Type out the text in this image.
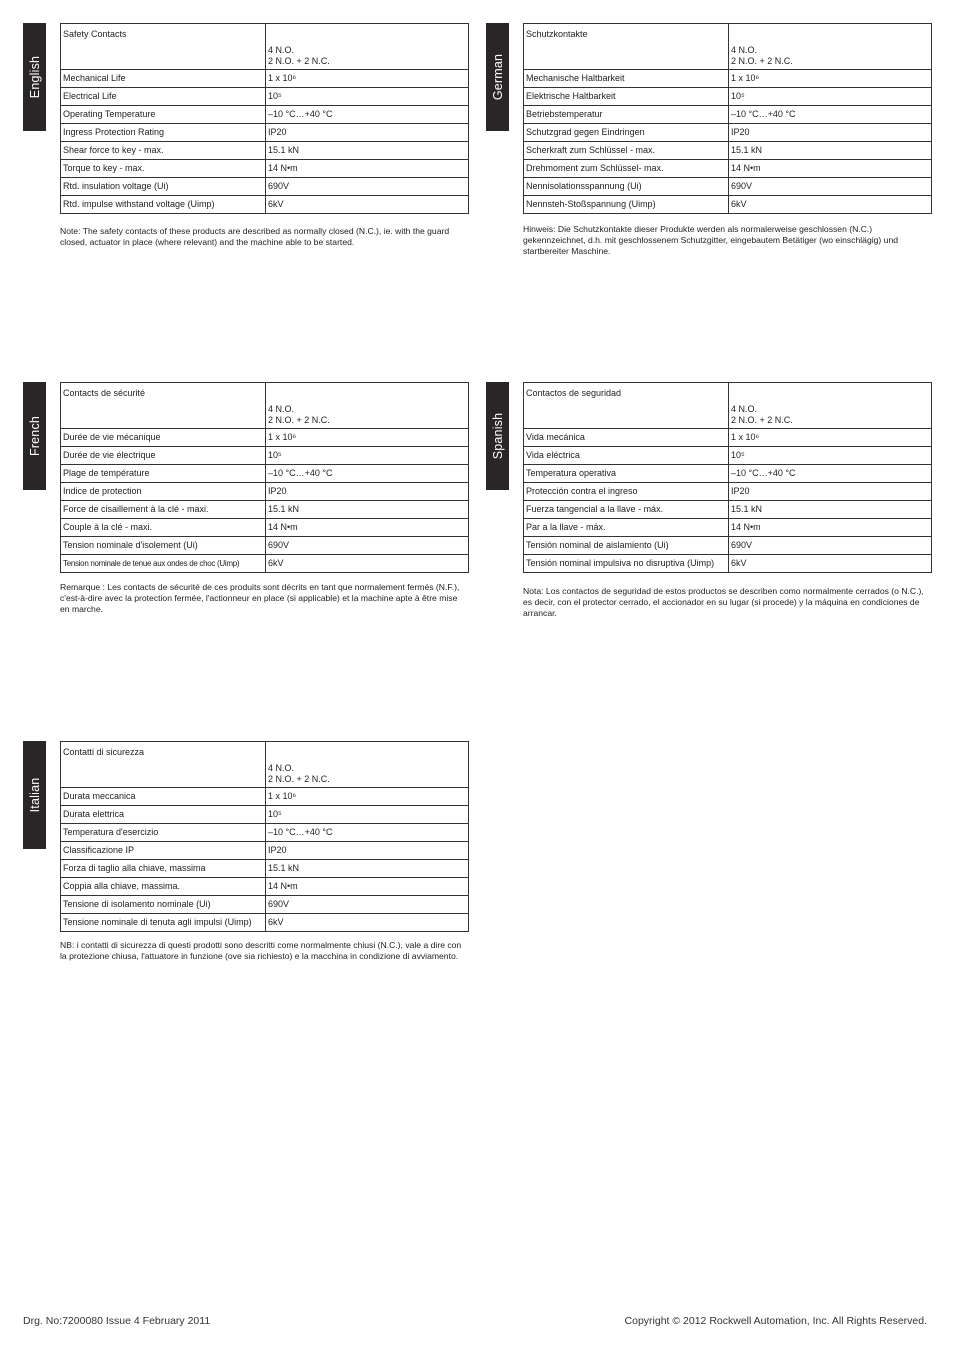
English
Safety Contacts	4 N.O.
2 N.O. + 2 N.C.
Mechanical Life	1 x 10⁶
Electrical Life	10⁵
Operating Temperature	–10 °C…+40 °C
Ingress Protection Rating	IP20
Shear force to key - max.	15.1 kN
Torque to key - max.	14 N•m
Rtd. insulation voltage (Ui)	690V
Rtd. impulse withstand voltage (Uimp)	6kV
Note: The safety contacts of these products are described as normally closed (N.C.), ie. with the guard closed, actuator in place (where relevant) and the machine able to be started.
German
Schutzkontakte	4 N.O.
2 N.O. + 2 N.C.
Mechanische Haltbarkeit	1 x 10⁶
Elektrische Haltbarkeit	10⁵
Betriebstemperatur	–10 °C…+40 °C
Schutzgrad gegen Eindringen	IP20
Scherkraft zum Schlüssel - max.	15.1 kN
Drehmoment zum Schlüssel- max.	14 N•m
Nennisolationsspannung (Ui)	690V
Nennsteh-Stoßspannung (Uimp)	6kV
Hinweis: Die Schutzkontakte dieser Produkte werden als normalerweise geschlossen (N.C.) gekennzeichnet, d.h. mit geschlossenem Schutzgitter, eingebautem Betätiger (wo einschlägig) und startbereiter Maschine.
French
Contacts de sécurité	4 N.O.
2 N.O. + 2 N.C.
Durée de vie mécanique	1 x 10⁶
Durée de vie électrique	10⁵
Plage de température	–10 °C…+40 °C
Indice de protection	IP20
Force de cisaillement à la clé - maxi.	15.1 kN
Couple à la clé - maxi.	14 N•m
Tension nominale d'isolement (Ui)	690V
Tension nominale de tenue aux ondes de choc (Uimp)	6kV
Remarque : Les contacts de sécurité de ces produits sont décrits en tant que normalement fermés (N.F.), c'est-à-dire avec la protection fermée, l'actionneur en place (si applicable) et la machine apte à être mise en marche.
Spanish
Contactos de seguridad	4 N.O.
2 N.O. + 2 N.C.
Vida mecánica	1 x 10⁶
Vida eléctrica	10⁵
Temperatura operativa	–10 °C…+40 °C
Protección contra el ingreso	IP20
Fuerza tangencial a la llave - máx.	15.1 kN
Par a la llave - máx.	14 N•m
Tensión nominal de aislamiento (Ui)	690V
Tensión nominal impulsiva no disruptiva (Uimp)	6kV
Nota: Los contactos de seguridad de estos productos se describen como normalmente cerrados (o N.C.), es decir, con el protector cerrado, el accionador en su lugar (si procede) y la máquina en condiciones de arrancar.
Italian
Contatti di sicurezza	4 N.O.
2 N.O. + 2 N.C.
Durata meccanica	1 x 10⁶
Durata elettrica	10⁵
Temperatura d'esercizio	–10 °C…+40 °C
Classificazione IP	IP20
Forza di taglio alla chiave, massima	15.1 kN
Coppia alla chiave, massima.	14 N•m
Tensione di isolamento nominale (Ui)	690V
Tensione nominale di tenuta agli impulsi (Uimp)	6kV
NB: i contatti di sicurezza di questi prodotti sono descritti come normalmente chiusi (N.C.), vale a dire con la protezione chiusa, l'attuatore in funzione (ove sia richiesto) e la macchina in condizione di avviamento.
Drg. No:7200080 Issue 4 February 2011	Copyright © 2012 Rockwell Automation, Inc. All Rights Reserved.
